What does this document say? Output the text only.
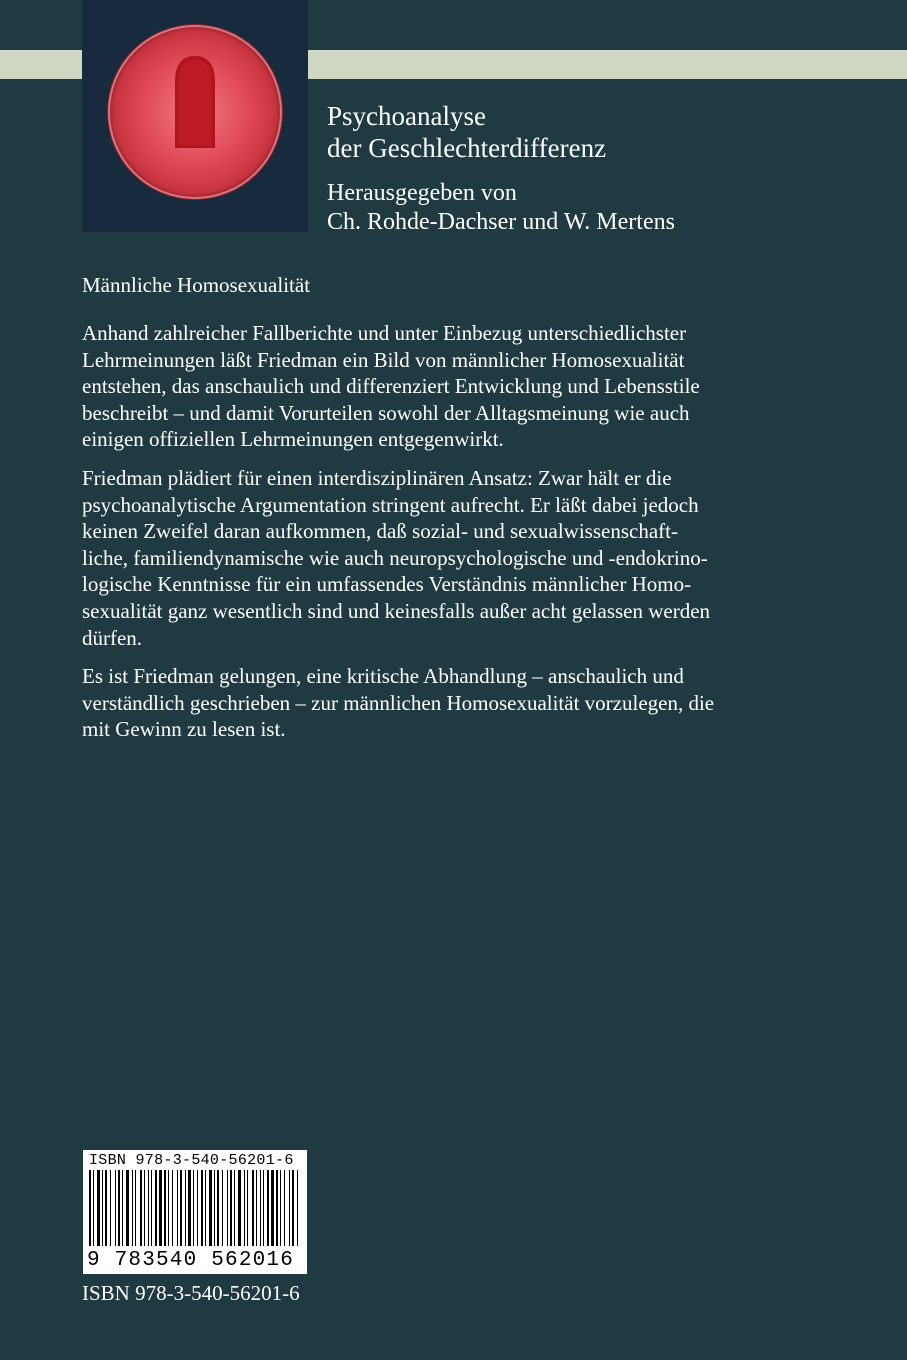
Psychoanalyse
der Geschlechterdifferenz
Herausgegeben von
Ch. Rohde-Dachser und W. Mertens
Männliche Homosexualität

Anhand zahlreicher Fallberichte und unter Einbezug unterschiedlichster
Lehrmeinungen läßt Friedman ein Bild von männlicher Homosexualität
entstehen, das anschaulich und differenziert Entwicklung und Lebensstile
beschreibt – und damit Vorurteilen sowohl der Alltagsmeinung wie auch
einigen offiziellen Lehrmeinungen entgegenwirkt.

Friedman plädiert für einen interdisziplinären Ansatz: Zwar hält er die
psychoanalytische Argumentation stringent aufrecht. Er läßt dabei jedoch
keinen Zweifel daran aufkommen, daß sozial- und sexualwissenschaft-
liche, familiendynamische wie auch neuropsychologische und -endokrino-
logische Kenntnisse für ein umfassendes Verständnis männlicher Homo-
sexualität ganz wesentlich sind und keinesfalls außer acht gelassen werden
dürfen.

Es ist Friedman gelungen, eine kritische Abhandlung – anschaulich und
verständlich geschrieben – zur männlichen Homosexualität vorzulegen, die
mit Gewinn zu lesen ist.

ISBN 978-3-540-56201-6
9 783540 562016
ISBN 978-3-540-56201-6
